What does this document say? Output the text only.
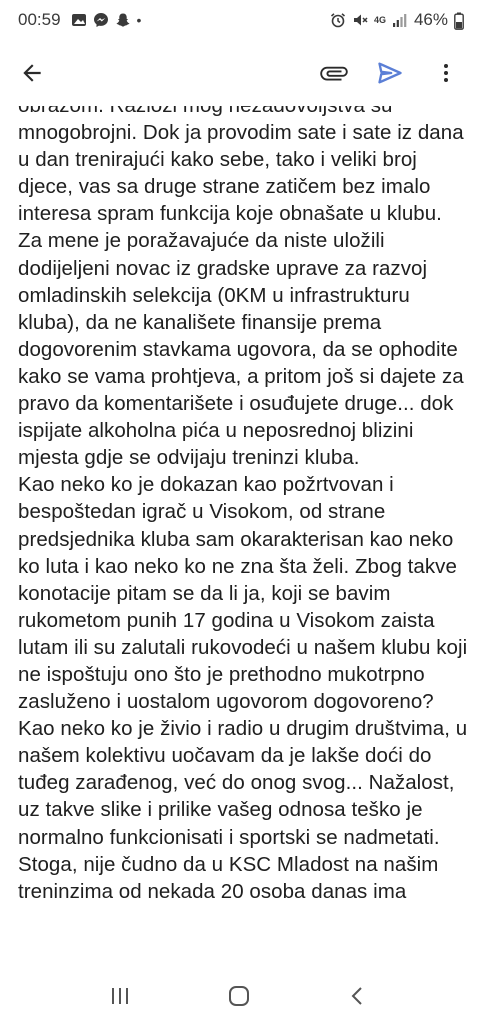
00:59	•	4G 46%

mnogobrojni. Dok ja provodim sate i sate iz dana u dan trenirajući kako sebe, tako i veliki broj djece, vas sa druge strane zatičem bez imalo interesa spram funkcija koje obnašate u klubu. Za mene je poražavajuće da niste uložili dodijeljeni novac iz gradske uprave za razvoj omladinskih selekcija (0KM u infrastrukturu kluba), da ne kanališete finansije prema dogovorenim stavkama ugovora, da se ophodite kako se vama prohtjeva, a pritom još si dajete za pravo da komentarišete i osuđujete druge... dok ispijate alkoholna pića u neposrednoj blizini mjesta gdje se odvijaju treninzi kluba.
Kao neko ko je dokazan kao požrtvovan i bespoštedan igrač u Visokom, od strane predsjednika kluba sam okarakterisan kao neko ko luta i kao neko ko ne zna šta želi. Zbog takve konotacije pitam se da li ja, koji se bavim rukometom punih 17 godina u Visokom zaista lutam ili su zalutali rukovodeći u našem klubu koji ne ispoštuju ono što je prethodno mukotrpno zasluženo i uostalom ugovorom dogovoreno?
Kao neko ko je živio i radio u drugim društvima, u našem kolektivu uočavam da je lakše doći do tuđeg zarađenog, već do onog svog... Nažalost, uz takve slike i prilike vašeg odnosa teško je normalno funkcionisati i sportski se nadmetati. Stoga, nije čudno da u KSC Mladost na našim treninzima od nekada 20 osoba danas ima
